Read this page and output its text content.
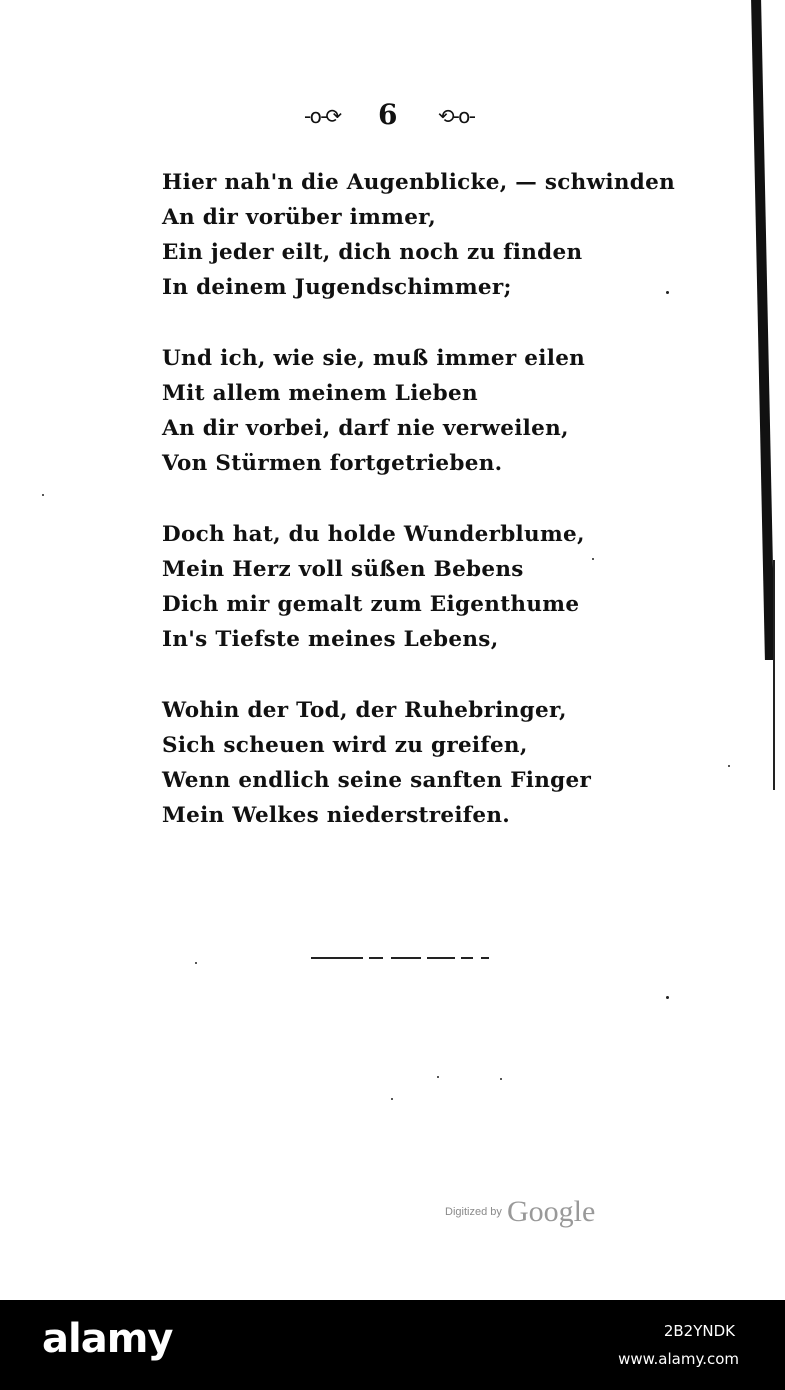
-o-⟳ 6 ⟲-o-
Hier nah'n die Augenblicke, — schwinden
An dir vorüber immer,
Ein jeder eilt, dich noch zu finden
In deinem Jugendschimmer;
Und ich, wie sie, muß immer eilen
Mit allem meinem Lieben
An dir vorbei, darf nie verweilen,
Von Stürmen fortgetrieben.
Doch hat, du holde Wunderblume,
Mein Herz voll süßen Bebens
Dich mir gemalt zum Eigenthume
In's Tiefste meines Lebens,
Wohin der Tod, der Ruhebringer,
Sich scheuen wird zu greifen,
Wenn endlich seine sanften Finger
Mein Welkes niederstreifen.
Digitized by Google
alamy	2B2YNDK
www.alamy.com
